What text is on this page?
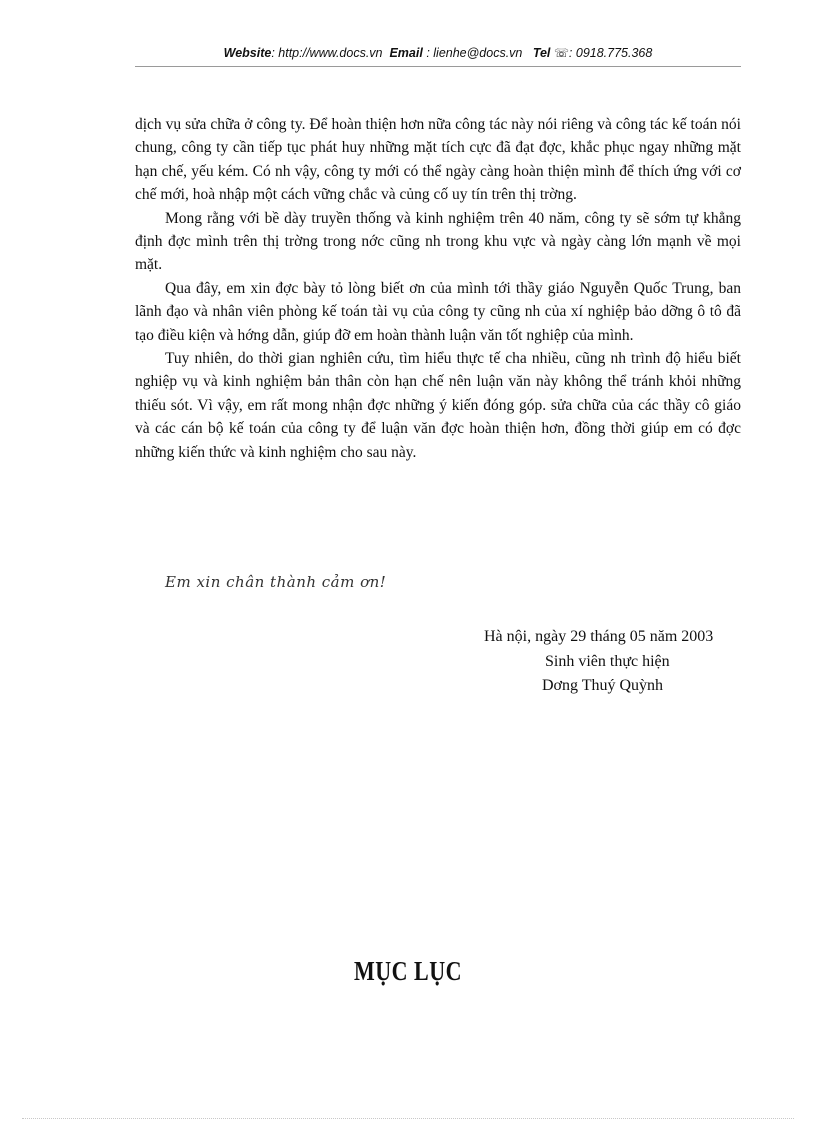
Website: http://www.docs.vn Email : lienhe@docs.vn Tel ☏: 0918.775.368

dịch vụ sửa chữa ở công ty. Để hoàn thiện hơn nữa công tác này nói riêng và công tác kế toán nói chung, công ty cần tiếp tục phát huy những mặt tích cực đã đạt đợc, khắc phục ngay những mặt hạn chế, yếu kém. Có nh vậy, công ty mới có thể ngày càng hoàn thiện mình để thích ứng với cơ chế mới, hoà nhập một cách vững chắc và củng cố uy tín trên thị trờng.

Mong rằng với bề dày truyền thống và kinh nghiệm trên 40 năm, công ty sẽ sớm tự khẳng định đợc mình trên thị trờng trong nớc cũng nh trong khu vực và ngày càng lớn mạnh về mọi mặt.

Qua đây, em xin đợc bày tỏ lòng biết ơn của mình tới thầy giáo Nguyễn Quốc Trung, ban lãnh đạo và nhân viên phòng kế toán tài vụ của công ty cũng nh của xí nghiệp bảo dỡng ô tô đã tạo điều kiện và hớng dẫn, giúp đỡ em hoàn thành luận văn tốt nghiệp của mình.

Tuy nhiên, do thời gian nghiên cứu, tìm hiểu thực tế cha nhiều, cũng nh trình độ hiểu biết nghiệp vụ và kinh nghiệm bản thân còn hạn chế nên luận văn này không thể tránh khỏi những thiếu sót. Vì vậy, em rất mong nhận đợc những ý kiến đóng góp. sửa chữa của các thầy cô giáo và các cán bộ kế toán của công ty để luận văn đợc hoàn thiện hơn, đồng thời giúp em có đợc những kiến thức và kinh nghiệm cho sau này.

Em xin chân thành cảm ơn!
Hà nội, ngày 29 tháng 05 năm 2003
Sinh viên thực hiện
Dơng Thuý Quỳnh
MỤC LỤC
